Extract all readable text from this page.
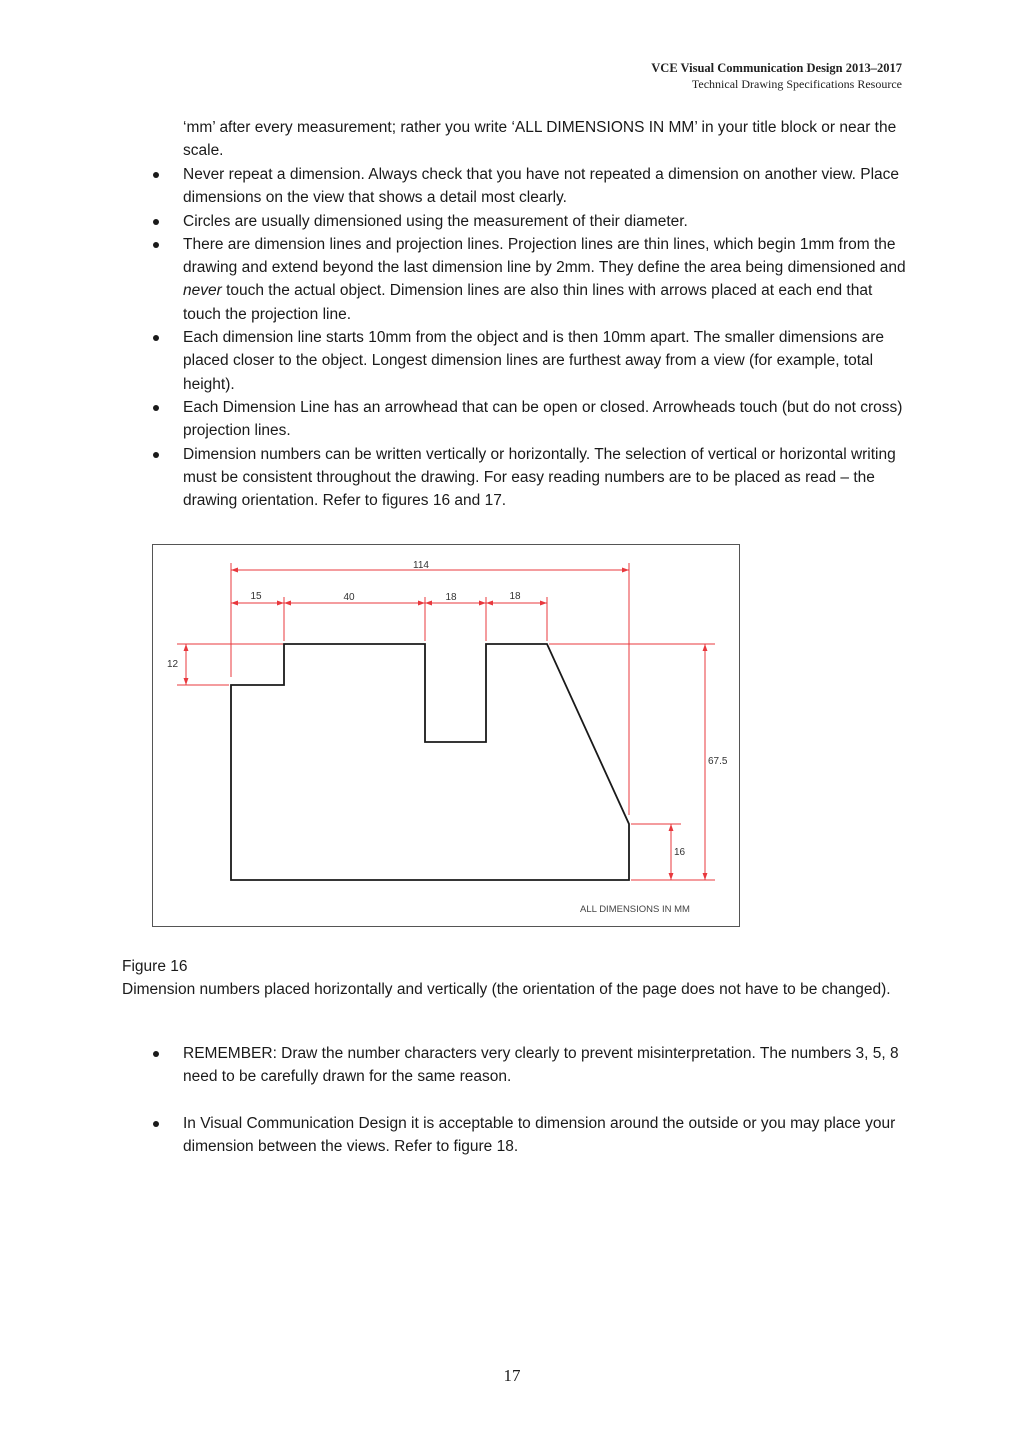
VCE Visual Communication Design 2013–2017
Technical Drawing Specifications Resource
‘mm’ after every measurement; rather you write ‘ALL DIMENSIONS IN MM’ in your title block or near the scale.
Never repeat a dimension. Always check that you have not repeated a dimension on another view. Place dimensions on the view that shows a detail most clearly.
Circles are usually dimensioned using the measurement of their diameter.
There are dimension lines and projection lines. Projection lines are thin lines, which begin 1mm from the drawing and extend beyond the last dimension line by 2mm. They define the area being dimensioned and never touch the actual object. Dimension lines are also thin lines with arrows placed at each end that touch the projection line.
Each dimension line starts 10mm from the object and is then 10mm apart. The smaller dimensions are placed closer to the object. Longest dimension lines are furthest away from a view (for example, total height).
Each Dimension Line has an arrowhead that can be open or closed. Arrowheads touch (but do not cross) projection lines.
Dimension numbers can be written vertically or horizontally. The selection of vertical or horizontal writing must be consistent throughout the drawing. For easy reading numbers are to be placed as read – the drawing orientation. Refer to figures 16 and 17.
114
15	40	18	18
12
67.5
16
ALL DIMENSIONS IN MM
Figure 16
Dimension numbers placed horizontally and vertically (the orientation of the page does not have to be changed).
REMEMBER: Draw the number characters very clearly to prevent misinterpretation. The numbers 3, 5, 8 need to be carefully drawn for the same reason.
In Visual Communication Design it is acceptable to dimension around the outside or you may place your dimension between the views. Refer to figure 18.
17
